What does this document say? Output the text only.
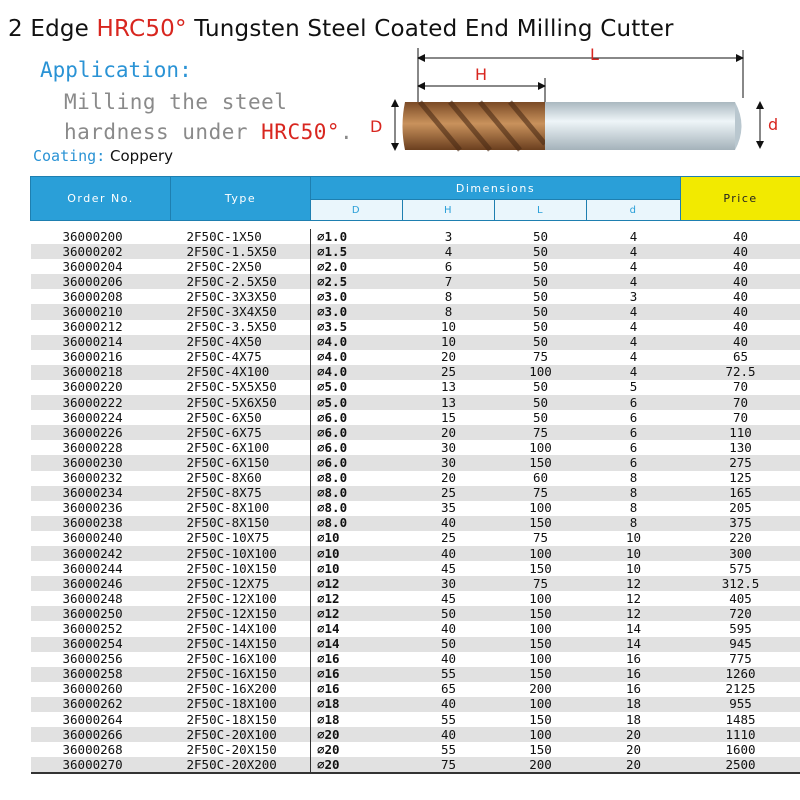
2 Edge HRC50° Tungsten Steel Coated End Milling Cutter
Application:
Milling the steel
hardness under HRC50°.
Coating: Coppery
L
H
D	d
Order No.	Type	Dimensions				Price
		D	H	L	d	

36000200	2F50C-1X50	⌀1.0	3	50	4	40
36000202	2F50C-1.5X50	⌀1.5	4	50	4	40
36000204	2F50C-2X50	⌀2.0	6	50	4	40
36000206	2F50C-2.5X50	⌀2.5	7	50	4	40
36000208	2F50C-3X3X50	⌀3.0	8	50	3	40
36000210	2F50C-3X4X50	⌀3.0	8	50	4	40
36000212	2F50C-3.5X50	⌀3.5	10	50	4	40
36000214	2F50C-4X50	⌀4.0	10	50	4	40
36000216	2F50C-4X75	⌀4.0	20	75	4	65
36000218	2F50C-4X100	⌀4.0	25	100	4	72.5
36000220	2F50C-5X5X50	⌀5.0	13	50	5	70
36000222	2F50C-5X6X50	⌀5.0	13	50	6	70
36000224	2F50C-6X50	⌀6.0	15	50	6	70
36000226	2F50C-6X75	⌀6.0	20	75	6	110
36000228	2F50C-6X100	⌀6.0	30	100	6	130
36000230	2F50C-6X150	⌀6.0	30	150	6	275
36000232	2F50C-8X60	⌀8.0	20	60	8	125
36000234	2F50C-8X75	⌀8.0	25	75	8	165
36000236	2F50C-8X100	⌀8.0	35	100	8	205
36000238	2F50C-8X150	⌀8.0	40	150	8	375
36000240	2F50C-10X75	⌀10	25	75	10	220
36000242	2F50C-10X100	⌀10	40	100	10	300
36000244	2F50C-10X150	⌀10	45	150	10	575
36000246	2F50C-12X75	⌀12	30	75	12	312.5
36000248	2F50C-12X100	⌀12	45	100	12	405
36000250	2F50C-12X150	⌀12	50	150	12	720
36000252	2F50C-14X100	⌀14	40	100	14	595
36000254	2F50C-14X150	⌀14	50	150	14	945
36000256	2F50C-16X100	⌀16	40	100	16	775
36000258	2F50C-16X150	⌀16	55	150	16	1260
36000260	2F50C-16X200	⌀16	65	200	16	2125
36000262	2F50C-18X100	⌀18	40	100	18	955
36000264	2F50C-18X150	⌀18	55	150	18	1485
36000266	2F50C-20X100	⌀20	40	100	20	1110
36000268	2F50C-20X150	⌀20	55	150	20	1600
36000270	2F50C-20X200	⌀20	75	200	20	2500
